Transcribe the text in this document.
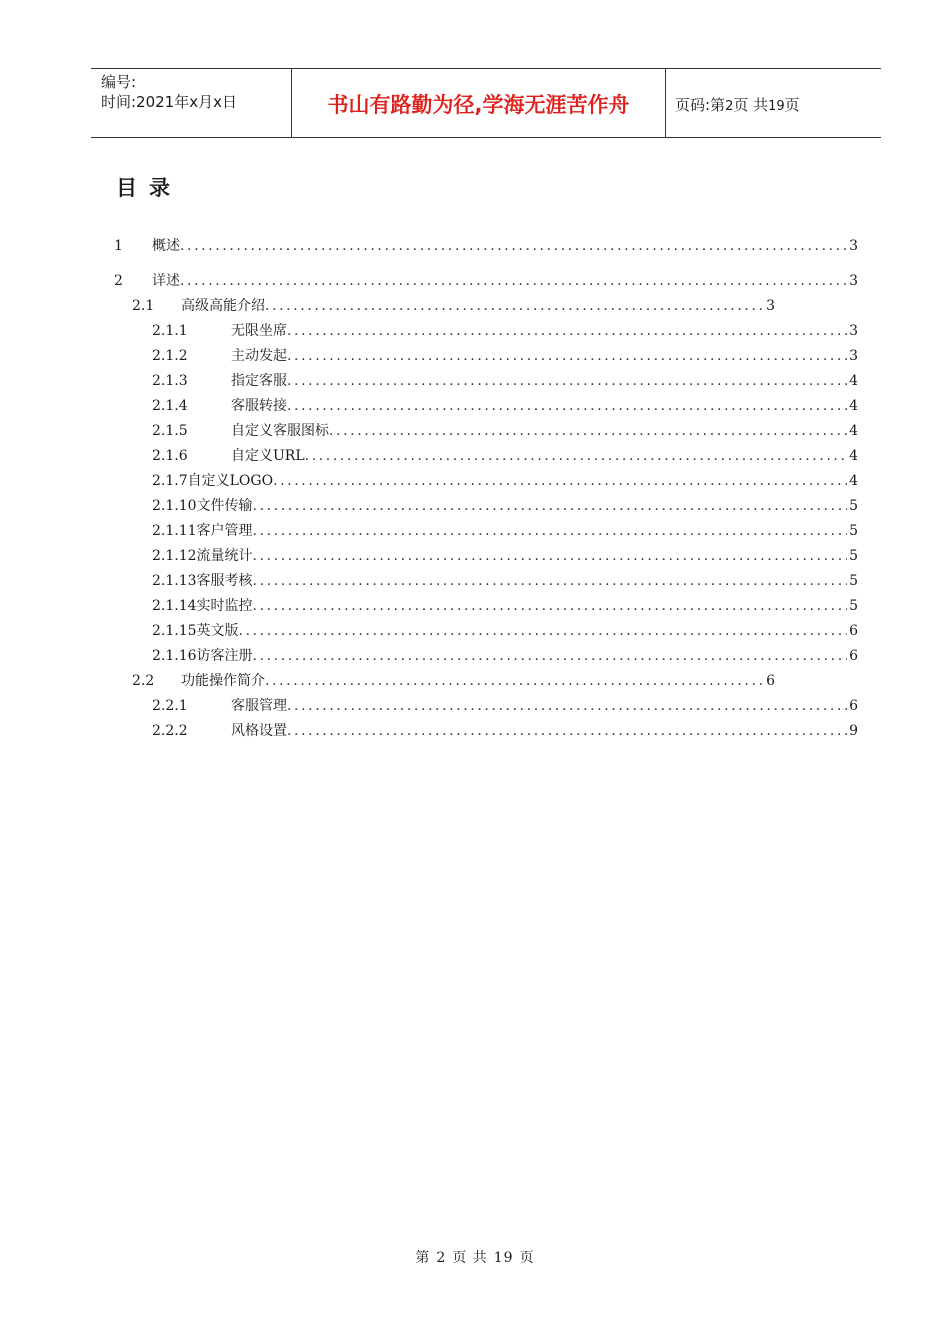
编号:
时间:2021年x月x日	书山有路勤为径,学海无涯苦作舟	页码:第2页 共19页
目录
1	概述 .....	3
2	详述 .....	3
2.1	高级高能介绍 .....	3
2.1.1	无限坐席 .....	3
2.1.2	主动发起 .....	3
2.1.3	指定客服 .....	4
2.1.4	客服转接 .....	4
2.1.5	自定义客服图标 .....	4
2.1.6	自定义URL .....	4
2.1.7 自定义LOGO .....	4
2.1.10 文件传输 .....	5
2.1.11 客户管理 .....	5
2.1.12 流量统计 .....	5
2.1.13 客服考核 .....	5
2.1.14 实时监控 .....	5
2.1.15 英文版 .....	6
2.1.16 访客注册 .....	6
2.2	功能操作简介 .....	6
2.2.1	客服管理 .....	6
2.2.2	风格设置 .....	9
第 2 页 共 19 页
